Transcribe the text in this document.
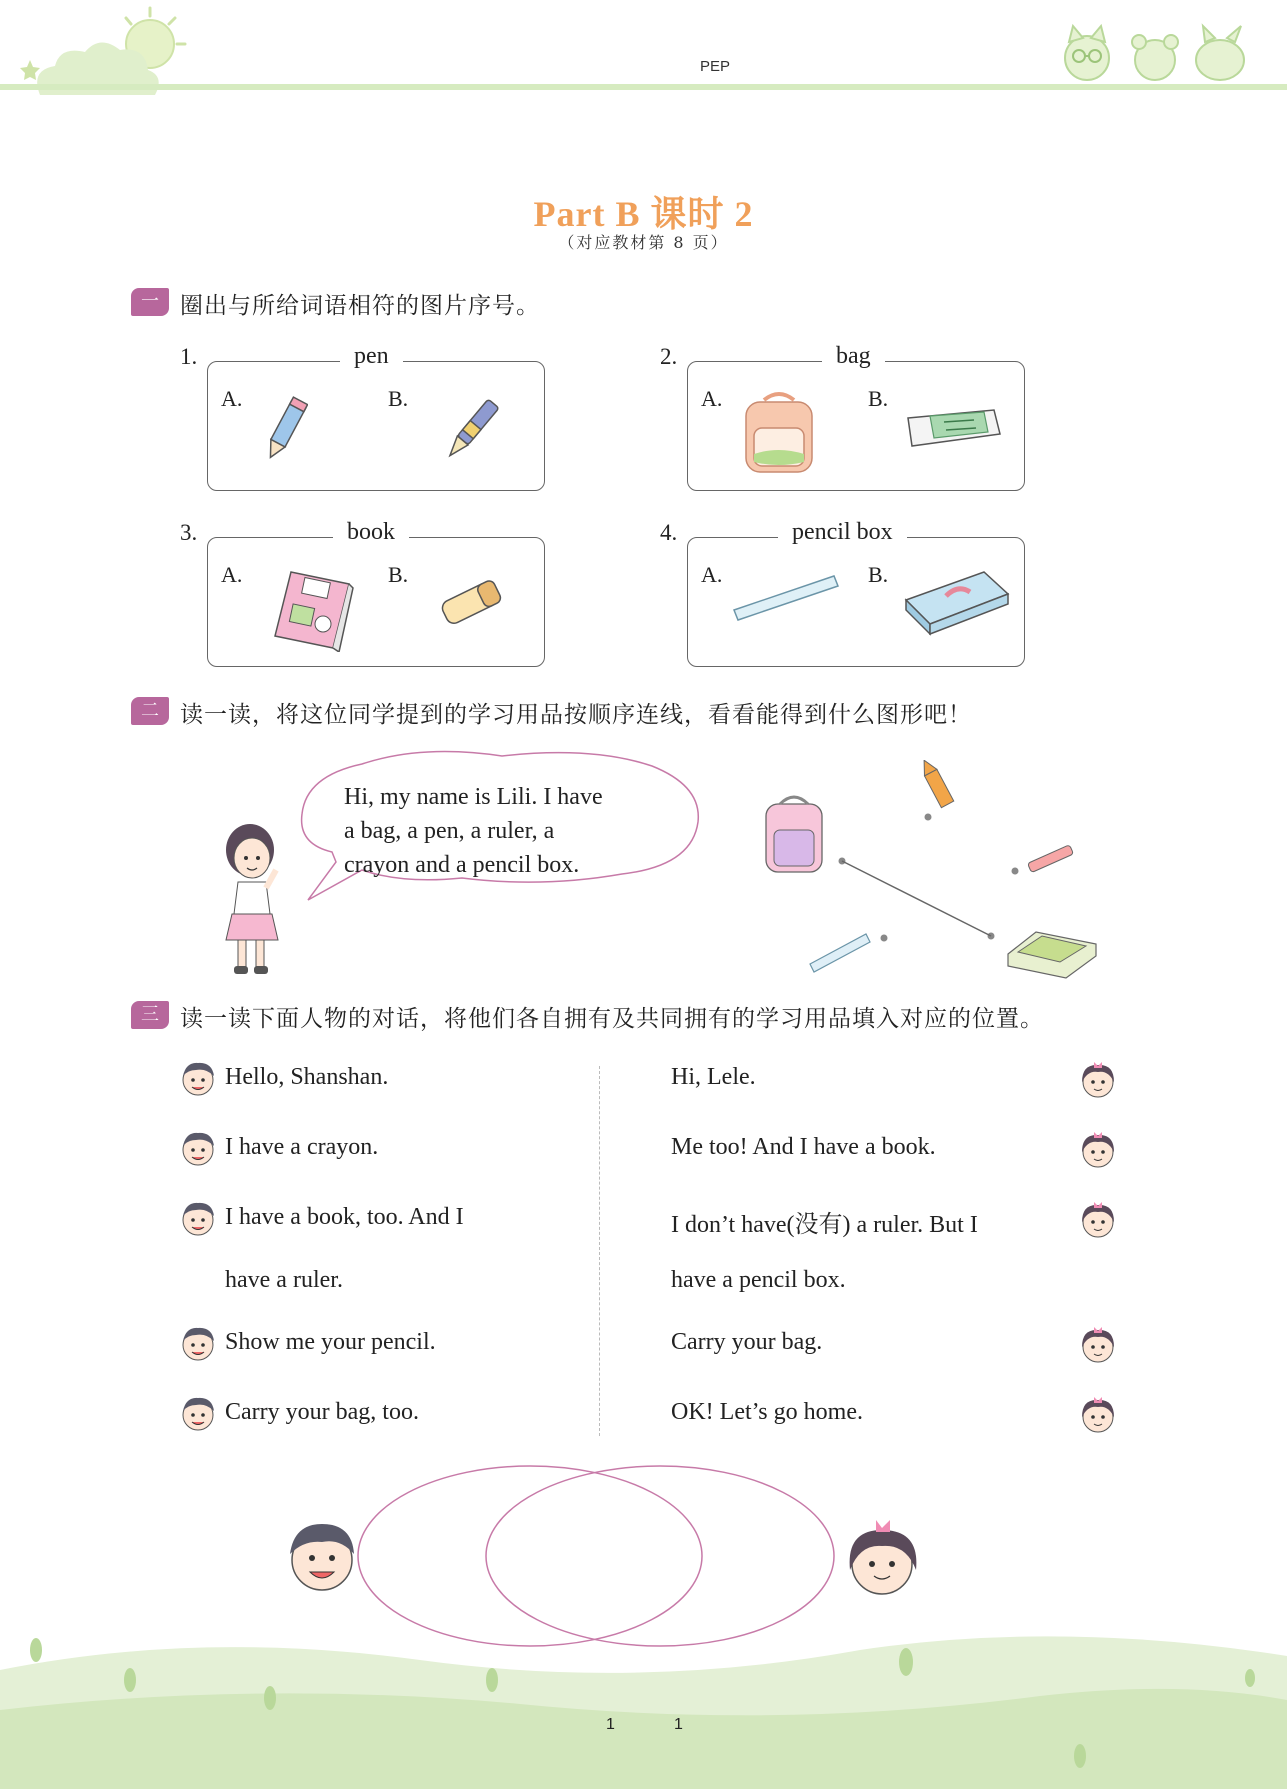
PEP
Part B 课时 2
（对应教材第 8 页）
一 圈出与所给词语相符的图片序号。
1.	pen
A.	B.
2.	bag
A.	B.
3.	book
A.	B.
4.	pencil box
A.	B.
二 读一读，将这位同学提到的学习用品按顺序连线，看看能得到什么图形吧！
Hi, my name is Lili. I have
a bag, a pen, a ruler, a
crayon and a pencil box.
三 读一读下面人物的对话，将他们各自拥有及共同拥有的学习用品填入对应的位置。
Hello, Shanshan.
I have a crayon.
I have a book, too. And I
have a ruler.
Show me your pencil.
Carry your bag, too.
Hi, Lele.
Me too! And I have a book.
I don’t have(没有) a ruler. But I
have a pencil box.
Carry your bag.
OK! Let’s go home.
1	1
